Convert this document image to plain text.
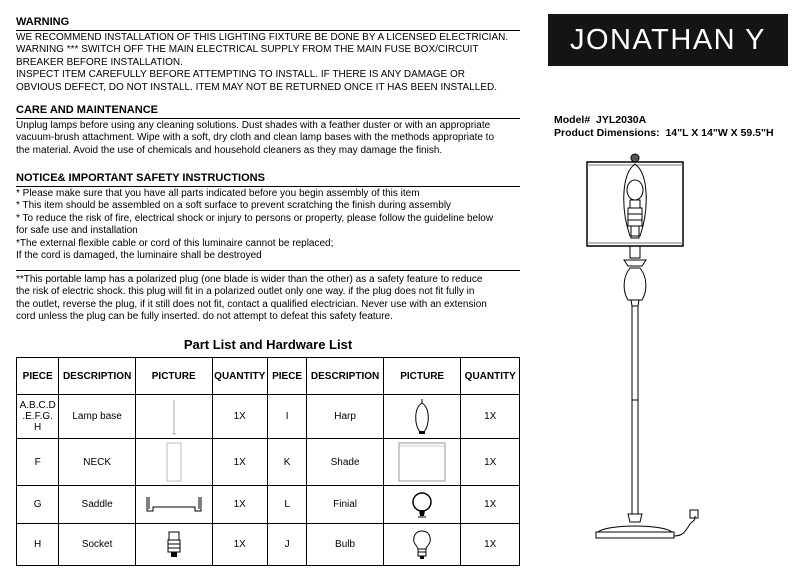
WARNING
WE RECOMMEND INSTALLATION OF THIS LIGHTING FIXTURE BE DONE BY A LICENSED ELECTRICIAN.
WARNING *** SWITCH OFF THE MAIN ELECTRICAL SUPPLY FROM THE MAIN FUSE BOX/CIRCUIT
BREAKER BEFORE INSTALLATION.
INSPECT ITEM CAREFULLY BEFORE ATTEMPTING TO INSTALL. IF THERE IS ANY DAMAGE OR
OBVIOUS DEFECT, DO NOT INSTALL. ITEM MAY NOT BE RETURNED ONCE IT HAS BEEN INSTALLED.
CARE AND MAINTENANCE
Unplug lamps before using any cleaning solutions. Dust shades with a feather duster or with an appropriate
vacuum-brush attachment. Wipe with a soft, dry cloth and clean lamp bases with the methods appropriate to
the material. Avoid the use of chemicals and household cleaners as they may damage the finish.
NOTICE& IMPORTANT SAFETY INSTRUCTIONS
* Please make sure that you have all parts indicated before you begin assembly of this item
* This item should be assembled on a soft surface to prevent scratching the finish during assembly
* To reduce the risk of fire, electrical shock or injury to persons or property, please follow the guideline below
for safe use and installation
*The external flexible cable or cord of this luminaire cannot be replaced;
If the cord is damaged, the luminaire shall be destroyed
**This portable lamp has a polarized plug (one blade is wider than the other) as a safety feature to reduce
the risk of electric shock. this plug will fit in a polarized outlet only one way. if the plug does not fit fully in
the outlet, reverse the plug, if it still does not fit, contact a qualified electrician. Never use with an extension
cord unless the plug can be fully inserted. do not attempt to defeat this safety feature.
JONATHAN Y
Model# JYL2030A
Product Dimensions: 14"L X 14"W X 59.5"H
Part List and Hardware List
PIECE	DESCRIPTION	PICTURE	QUANTITY	PIECE	DESCRIPTION	PICTURE	QUANTITY
A.B.C.D
.E.F.G.
H	Lamp base		1X	I	Harp		1X
F	NECK		1X	K	Shade		1X
G	Saddle		1X	L	Finial		1X
H	Socket		1X	J	Bulb		1X
